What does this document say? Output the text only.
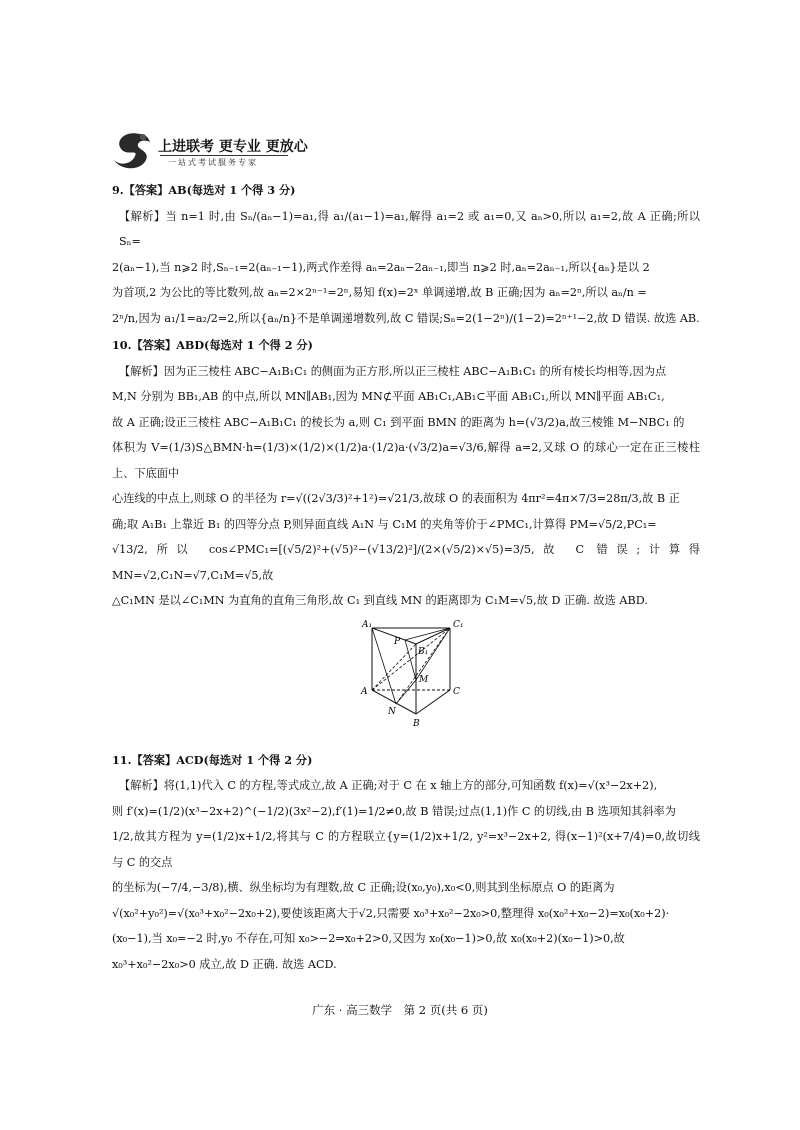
上进联考 更专业 更放心
一站式考试服务专家

9.【答案】AB(每选对 1 个得 3 分)

【解析】当 n=1 时,由 Sₙ/(aₙ−1)=a₁,得 a₁/(a₁−1)=a₁,解得 a₁=2 或 a₁=0,又 aₙ>0,所以 a₁=2,故 A 正确;所以 Sₙ=

2(aₙ−1),当 n⩾2 时,Sₙ₋₁=2(aₙ₋₁−1),两式作差得 aₙ=2aₙ−2aₙ₋₁,即当 n⩾2 时,aₙ=2aₙ₋₁,所以{aₙ}是以 2

为首项,2 为公比的等比数列,故 aₙ=2×2ⁿ⁻¹=2ⁿ,易知 f(x)=2ˣ 单调递增,故 B 正确;因为 aₙ=2ⁿ,所以 aₙ/n =

2ⁿ/n,因为 a₁/1=a₂/2=2,所以{aₙ/n}不是单调递增数列,故 C 错误;Sₙ=2(1−2ⁿ)/(1−2)=2ⁿ⁺¹−2,故 D 错误. 故选 AB.

10.【答案】ABD(每选对 1 个得 2 分)

【解析】因为正三棱柱 ABC−A₁B₁C₁ 的侧面为正方形,所以正三棱柱 ABC−A₁B₁C₁ 的所有棱长均相等,因为点

M,N 分别为 BB₁,AB 的中点,所以 MN∥AB₁,因为 MN⊄平面 AB₁C₁,AB₁⊂平面 AB₁C₁,所以 MN∥平面 AB₁C₁,

故 A 正确;设正三棱柱 ABC−A₁B₁C₁ 的棱长为 a,则 C₁ 到平面 BMN 的距离为 h=(√3/2)a,故三棱锥 M−NBC₁ 的

体积为 V=(1/3)S△BMN·h=(1/3)×(1/2)×(1/2)a·(1/2)a·(√3/2)a=√3/6,解得 a=2,又球 O 的球心一定在正三棱柱上、下底面中

心连线的中点上,则球 O 的半径为 r=√((2√3/3)²+1²)=√21/3,故球 O 的表面积为 4πr²=4π×7/3=28π/3,故 B 正

确;取 A₁B₁ 上靠近 B₁ 的四等分点 P,则异面直线 A₁N 与 C₁M 的夹角等价于∠PMC₁,计算得 PM=√5/2,PC₁=

√13/2,所以 cos∠PMC₁=[(√5/2)²+(√5)²−(√13/2)²]/(2×(√5/2)×√5)=3/5,故 C 错误;计算得 MN=√2,C₁N=√7,C₁M=√5,故

△C₁MN 是以∠C₁MN 为直角的直角三角形,故 C₁ 到直线 MN 的距离即为 C₁M=√5,故 D 正确. 故选 ABD.

A₁
B₁
C₁
P
M
A
N
C
B

11.【答案】ACD(每选对 1 个得 2 分)

【解析】将(1,1)代入 C 的方程,等式成立,故 A 正确;对于 C 在 x 轴上方的部分,可知函数 f(x)=√(x³−2x+2),

则 f′(x)=(1/2)(x³−2x+2)^(−1/2)(3x²−2),f′(1)=1/2≠0,故 B 错误;过点(1,1)作 C 的切线,由 B 选项知其斜率为

1/2,故其方程为 y=(1/2)x+1/2,将其与 C 的方程联立{y=(1/2)x+1/2, y²=x³−2x+2, 得(x−1)²(x+7/4)=0,故切线与 C 的交点

的坐标为(−7/4,−3/8),横、纵坐标均为有理数,故 C 正确;设(x₀,y₀),x₀<0,则其到坐标原点 O 的距离为

√(x₀²+y₀²)=√(x₀³+x₀²−2x₀+2),要使该距离大于√2,只需要 x₀³+x₀²−2x₀>0,整理得 x₀(x₀²+x₀−2)=x₀(x₀+2)·

(x₀−1),当 x₀=−2 时,y₀ 不存在,可知 x₀>−2⇒x₀+2>0,又因为 x₀(x₀−1)>0,故 x₀(x₀+2)(x₀−1)>0,故

x₀³+x₀²−2x₀>0 成立,故 D 正确. 故选 ACD.

广东 · 高三数学　第 2 页(共 6 页)
